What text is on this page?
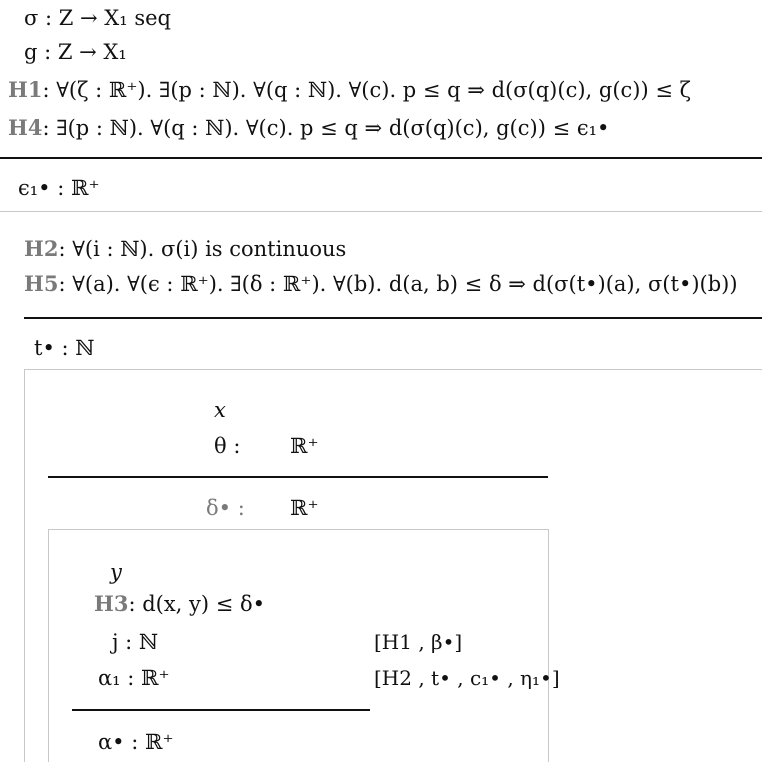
σ : Z → X₁ seq
g : Z → X₁
H1: ∀(ζ : ℝ⁺). ∃(p : ℕ). ∀(q : ℕ). ∀(c). p ≤ q ⇒ d(σ(q)(c), g(c)) ≤ ζ
H4: ∃(p : ℕ). ∀(q : ℕ). ∀(c). p ≤ q ⇒ d(σ(q)(c), g(c)) ≤ ϵ₁•
ϵ₁• : ℝ⁺
H2: ∀(i : ℕ). σ(i) is continuous
H5: ∀(a). ∀(ϵ : ℝ⁺). ∃(δ : ℝ⁺). ∀(b). d(a, b) ≤ δ ⇒ d(σ(t•)(a), σ(t•)(b))
t• : ℕ
x
θ : ℝ⁺
δ• : ℝ⁺
y
H3: d(x, y) ≤ δ•
j : ℕ	[H1 , β•]
α₁ : ℝ⁺	[H2 , t• , c₁• , η₁•]
α• : ℝ⁺
